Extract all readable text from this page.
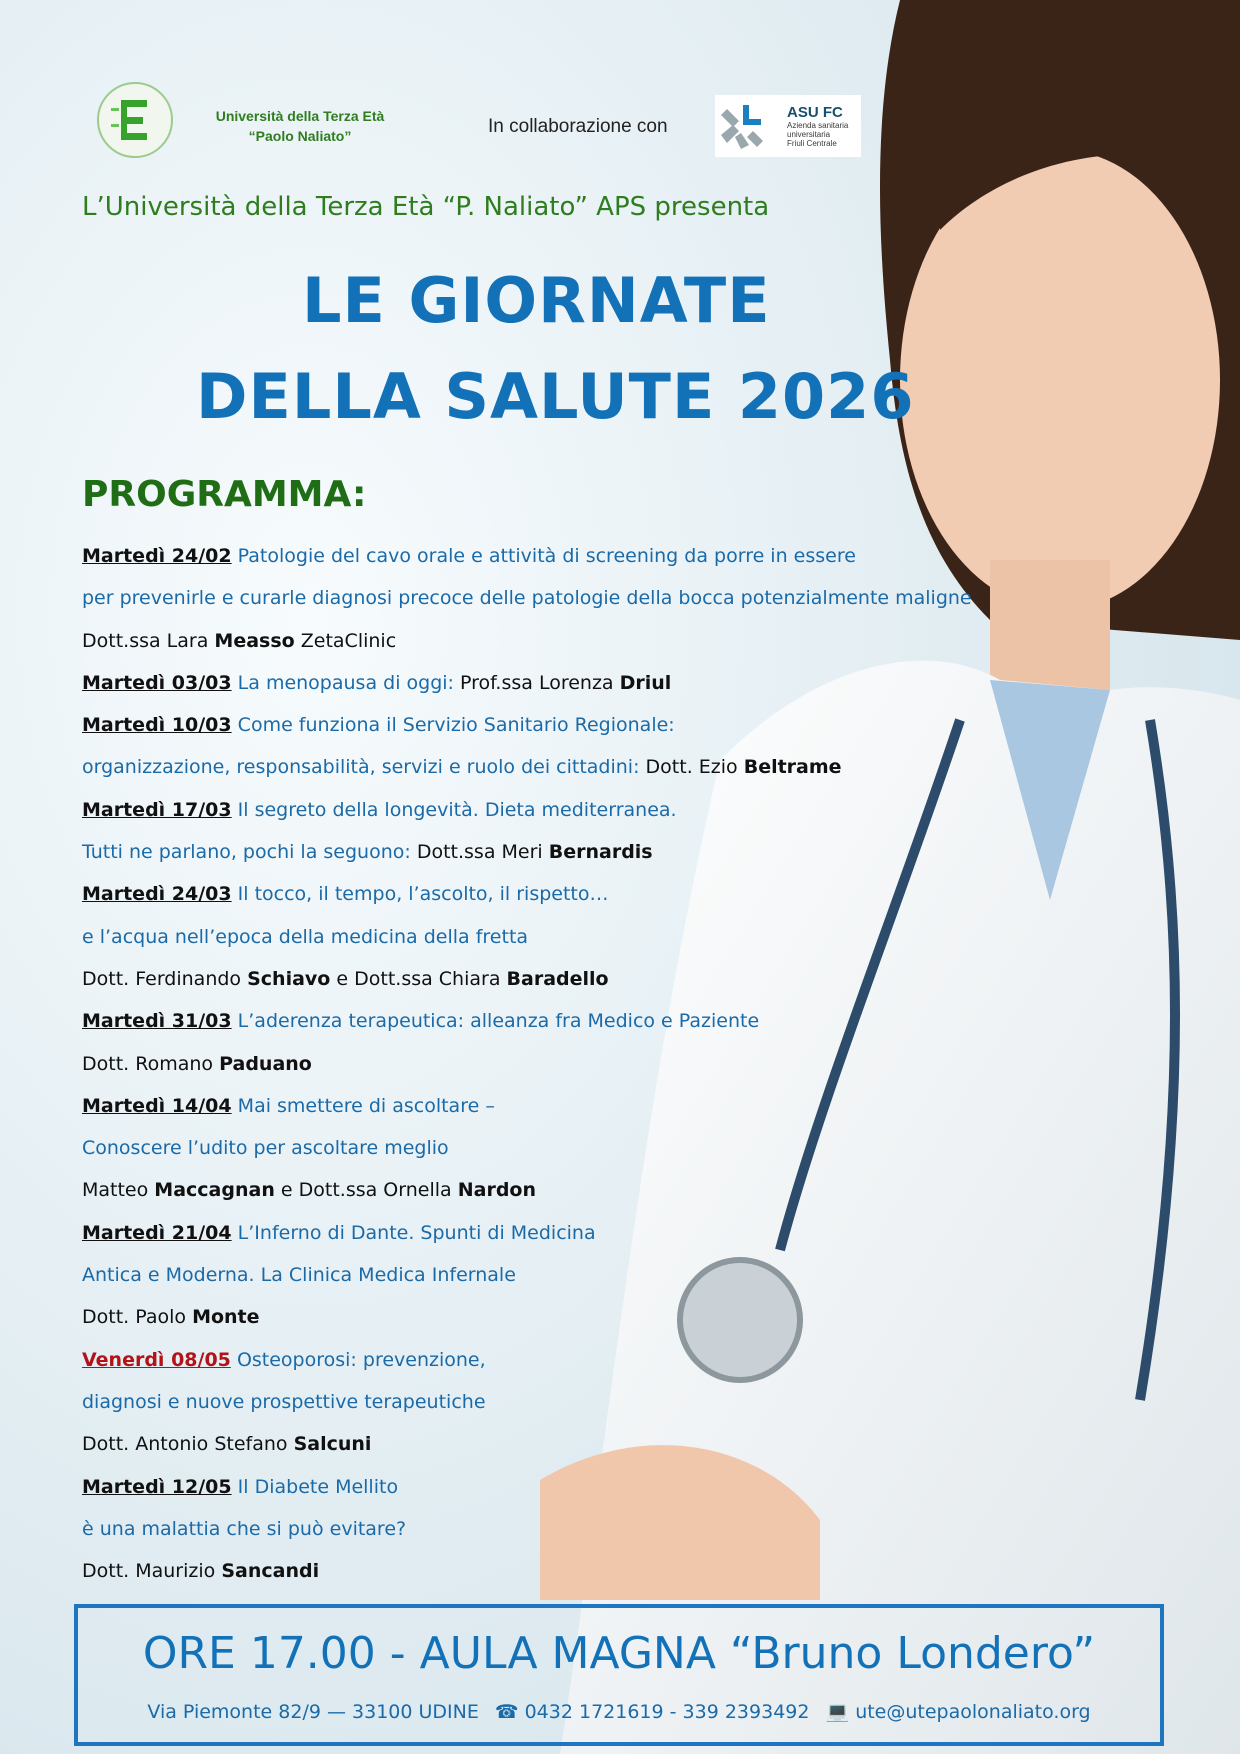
Università della Terza Età
“Paolo Naliato”	In collaborazione con
ASU FC
Azienda sanitaria
universitaria
Friuli Centrale
L’Università della Terza Età “P. Naliato” APS presenta
LE GIORNATE
DELLA SALUTE 2026
PROGRAMMA:
Martedì 24/02 Patologie del cavo orale e attività di screening da porre in essere
per prevenirle e curarle diagnosi precoce delle patologie della bocca potenzialmente maligne
Dott.ssa Lara Measso ZetaClinic
Martedì 03/03 La menopausa di oggi: Prof.ssa Lorenza Driul
Martedì 10/03 Come funziona il Servizio Sanitario Regionale:
organizzazione, responsabilità, servizi e ruolo dei cittadini: Dott. Ezio Beltrame
Martedì 17/03 Il segreto della longevità. Dieta mediterranea.
Tutti ne parlano, pochi la seguono: Dott.ssa Meri Bernardis
Martedì 24/03 Il tocco, il tempo, l’ascolto, il rispetto…
e l’acqua nell’epoca della medicina della fretta
Dott. Ferdinando Schiavo e Dott.ssa Chiara Baradello
Martedì 31/03 L’aderenza terapeutica: alleanza fra Medico e Paziente
Dott. Romano Paduano
Martedì 14/04 Mai smettere di ascoltare –
Conoscere l’udito per ascoltare meglio
Matteo Maccagnan e Dott.ssa Ornella Nardon
Martedì 21/04 L’Inferno di Dante. Spunti di Medicina
Antica e Moderna. La Clinica Medica Infernale
Dott. Paolo Monte
Venerdì 08/05 Osteoporosi: prevenzione,
diagnosi e nuove prospettive terapeutiche
Dott. Antonio Stefano Salcuni
Martedì 12/05 Il Diabete Mellito
è una malattia che si può evitare?
Dott. Maurizio Sancandi
ORE 17.00 - AULA MAGNA “Bruno Londero”
Via Piemonte 82/9 — 33100 UDINE ☎ 0432 1721619 - 339 2393492 💻 ute@utepaolonaliato.org
